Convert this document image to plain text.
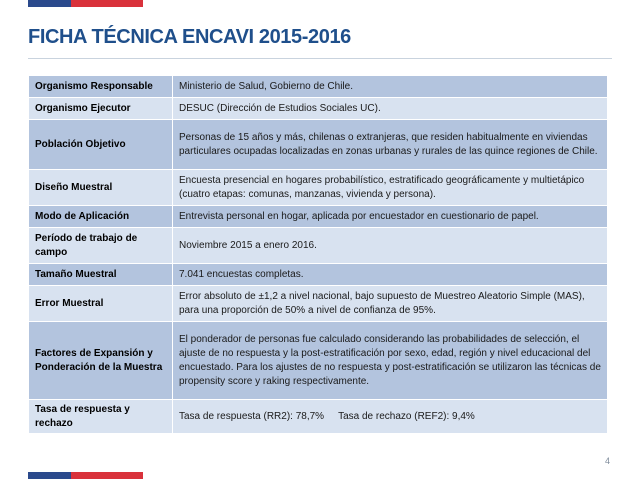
FICHA TÉCNICA ENCAVI 2015-2016
Organismo Responsable	Ministerio de Salud, Gobierno de Chile.
Organismo Ejecutor	DESUC (Dirección de Estudios Sociales UC).
Población Objetivo	Personas de 15 años y más, chilenas o extranjeras, que residen habitualmente en viviendas particulares ocupadas localizadas en zonas urbanas y rurales de las quince regiones de Chile.
Diseño Muestral	Encuesta presencial en hogares probabilístico, estratificado geográficamente y multietápico (cuatro etapas: comunas, manzanas, vivienda y persona).
Modo de Aplicación	Entrevista personal en hogar, aplicada por encuestador en cuestionario de papel.
Período de trabajo de campo	Noviembre 2015 a enero 2016.
Tamaño Muestral	7.041 encuestas completas.
Error Muestral	Error absoluto de ±1,2 a nivel nacional, bajo supuesto de Muestreo Aleatorio Simple (MAS), para una proporción de 50% a nivel de confianza de 95%.
Factores de Expansión y Ponderación de la Muestra	El ponderador de personas fue calculado considerando las probabilidades de selección, el ajuste de no respuesta y la post-estratificación por sexo, edad, región y nivel educacional del encuestado. Para los ajustes de no respuesta y post-estratificación se utilizaron las técnicas de propensity score y raking respectivamente.
Tasa de respuesta y rechazo	Tasa de respuesta (RR2): 78,7% Tasa de rechazo (REF2): 9,4%
4
